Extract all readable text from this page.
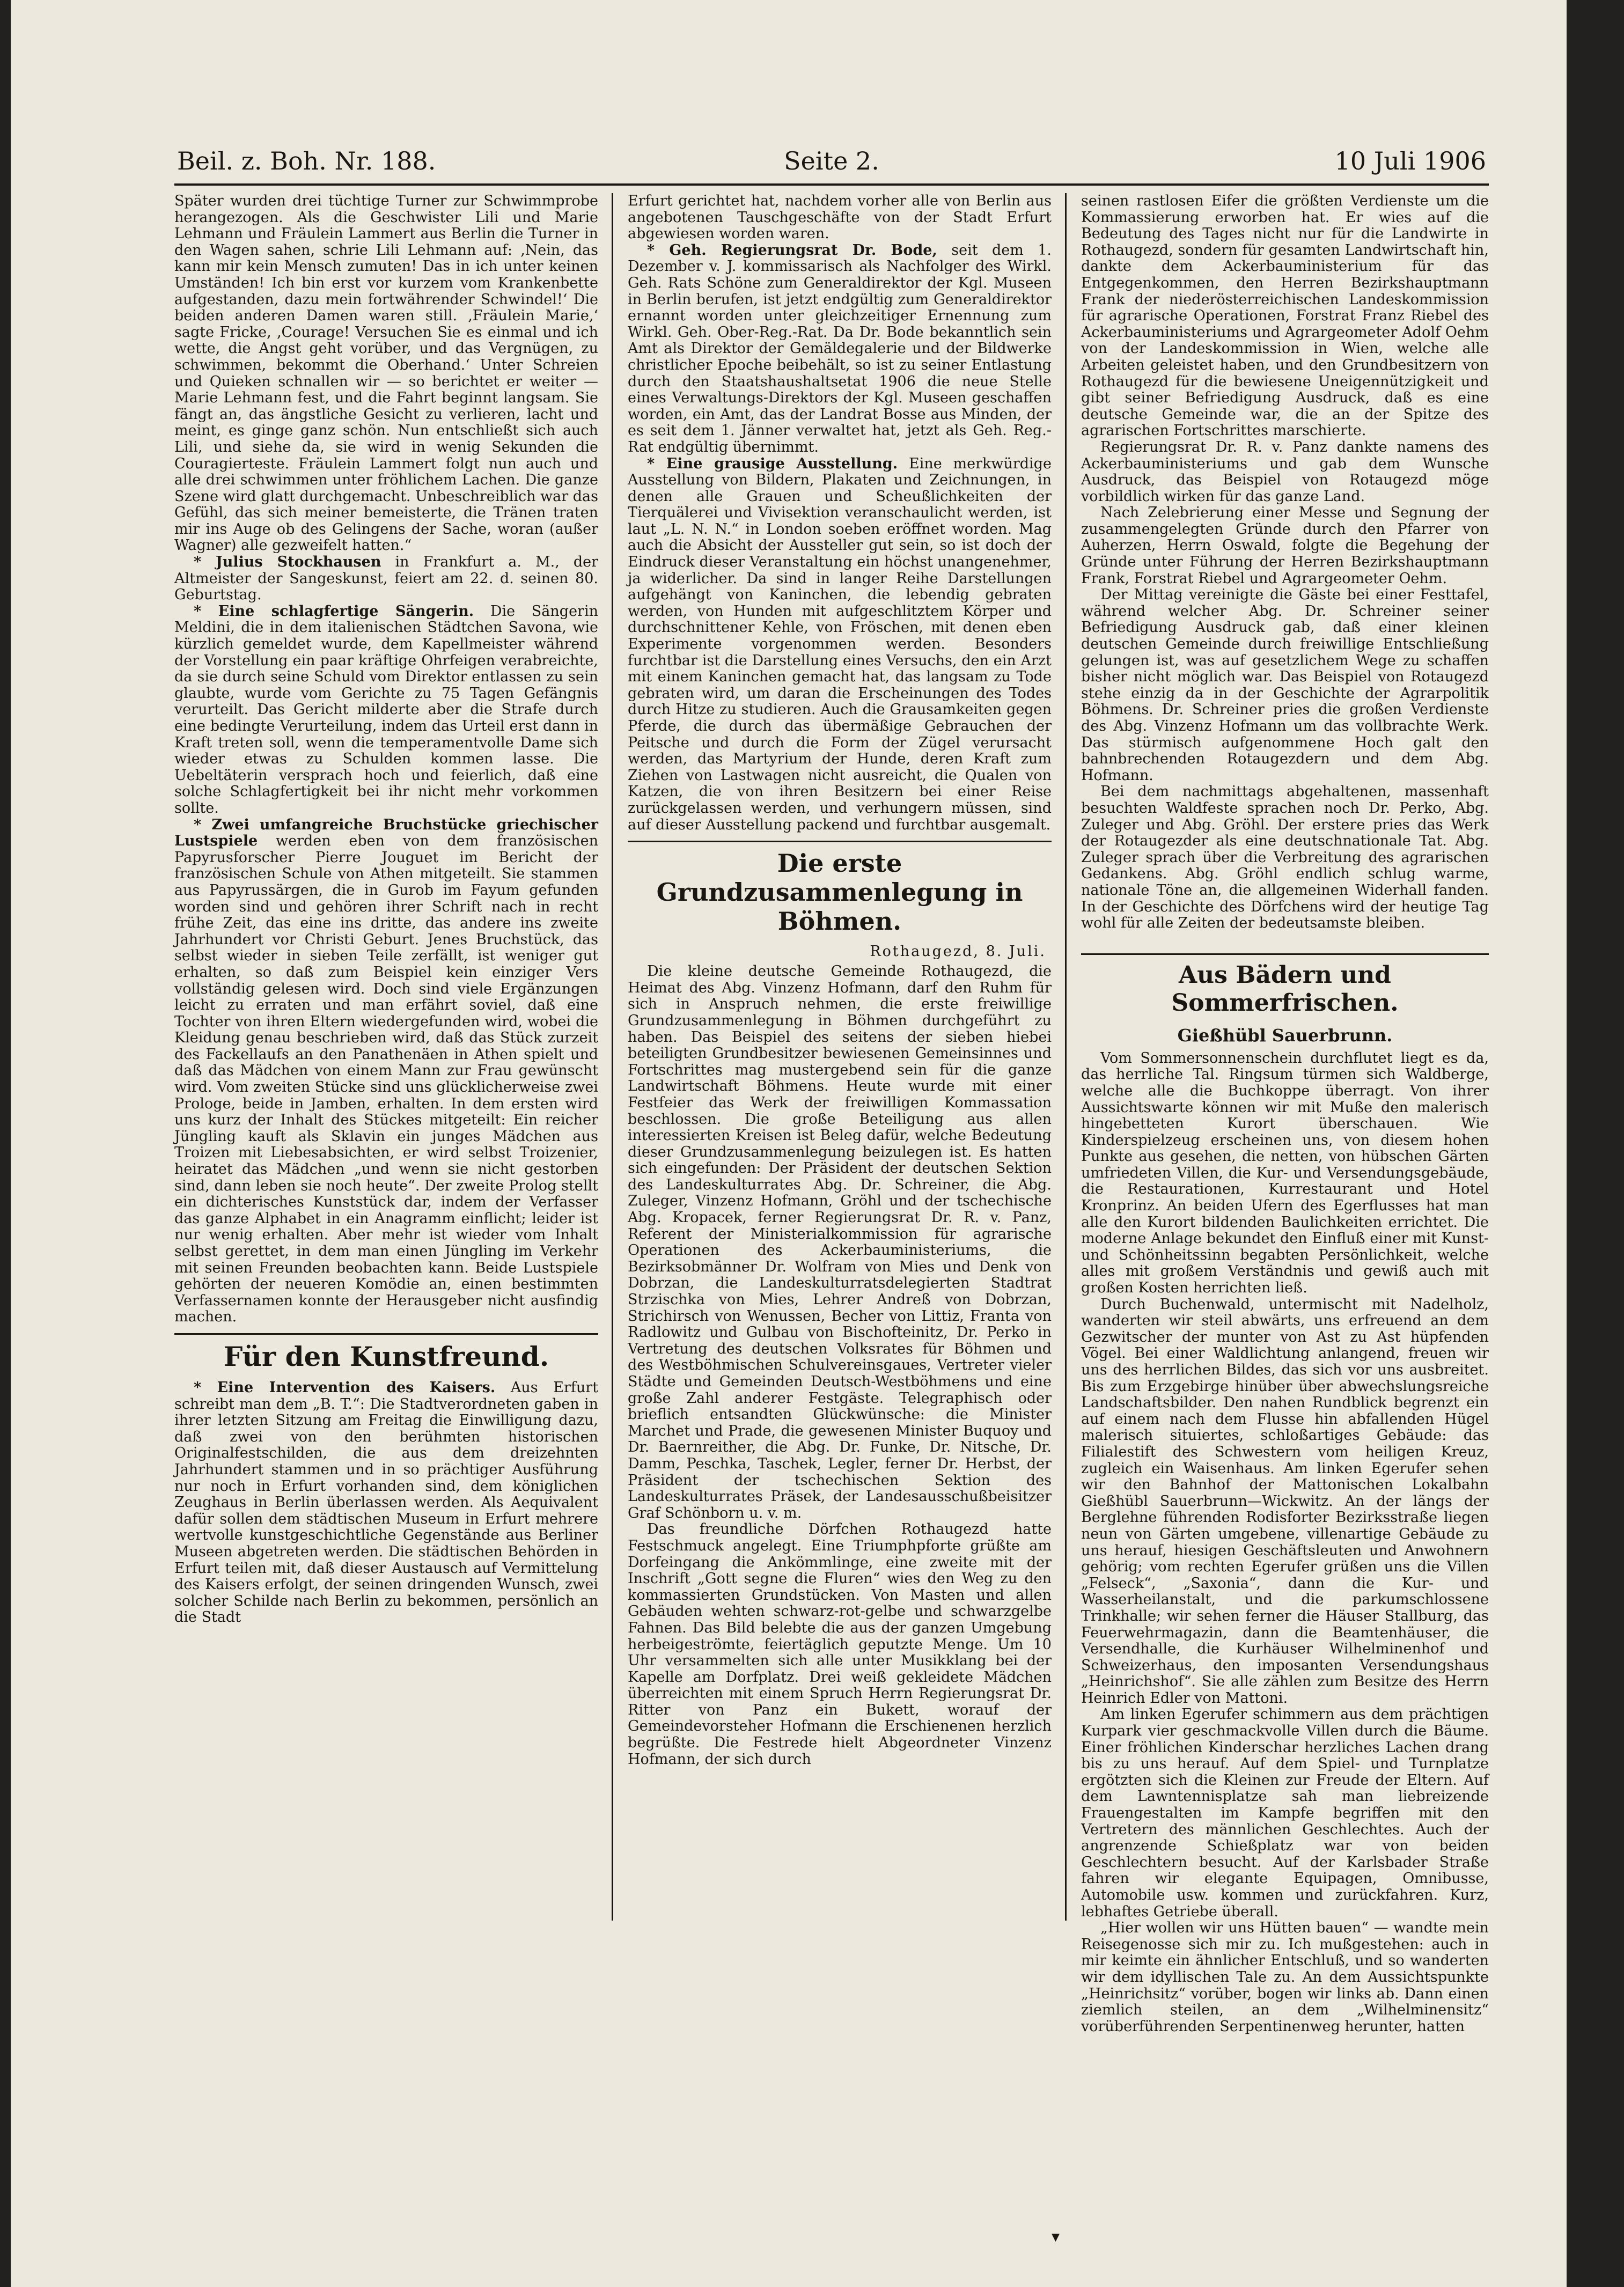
Beil. z. Boh. Nr. 188.	Seite 2.	10 Juli 1906

Später wurden drei tüchtige Turner zur Schwimmprobe herangezogen. Als die Geschwister Lili und Marie Lehmann und Fräulein Lammert aus Berlin die Turner in den Wagen sahen, schrie Lili Lehmann auf: ‚Nein, das kann mir kein Mensch zumuten! Das in ich unter keinen Umständen! Ich bin erst vor kurzem vom Krankenbette aufgestanden, dazu mein fortwährender Schwindel!‘ Die beiden anderen Damen waren still. ‚Fräulein Marie,‘ sagte Fricke, ‚Courage! Versuchen Sie es einmal und ich wette, die Angst geht vorüber, und das Vergnügen, zu schwimmen, bekommt die Oberhand.‘ Unter Schreien und Quieken schnallen wir — so berichtet er weiter — Marie Lehmann fest, und die Fahrt beginnt langsam. Sie fängt an, das ängstliche Gesicht zu verlieren, lacht und meint, es ginge ganz schön. Nun entschließt sich auch Lili, und siehe da, sie wird in wenig Sekunden die Couragierteste. Fräulein Lammert folgt nun auch und alle drei schwimmen unter fröhlichem Lachen. Die ganze Szene wird glatt durchgemacht. Unbeschreiblich war das Gefühl, das sich meiner bemeisterte, die Tränen traten mir ins Auge ob des Gelingens der Sache, woran (außer Wagner) alle gezweifelt hatten.“

* Julius Stockhausen in Frankfurt a. M., der Altmeister der Sangeskunst, feiert am 22. d. seinen 80. Geburtstag.

* Eine schlagfertige Sängerin. Die Sängerin Meldini, die in dem italienischen Städtchen Savona, wie kürzlich gemeldet wurde, dem Kapellmeister während der Vorstellung ein paar kräftige Ohrfeigen verabreichte, da sie durch seine Schuld vom Direktor entlassen zu sein glaubte, wurde vom Gerichte zu 75 Tagen Gefängnis verurteilt. Das Gericht milderte aber die Strafe durch eine bedingte Verurteilung, indem das Urteil erst dann in Kraft treten soll, wenn die temperamentvolle Dame sich wieder etwas zu Schulden kommen lasse. Die Uebeltäterin versprach hoch und feierlich, daß eine solche Schlagfertigkeit bei ihr nicht mehr vorkommen sollte.

* Zwei umfangreiche Bruchstücke griechischer Lustspiele werden eben von dem französischen Papyrusforscher Pierre Jouguet im Bericht der französischen Schule von Athen mitgeteilt. Sie stammen aus Papyrussärgen, die in Gurob im Fayum gefunden worden sind und gehören ihrer Schrift nach in recht frühe Zeit, das eine ins dritte, das andere ins zweite Jahrhundert vor Christi Geburt. Jenes Bruchstück, das selbst wieder in sieben Teile zerfällt, ist weniger gut erhalten, so daß zum Beispiel kein einziger Vers vollständig gelesen wird. Doch sind viele Ergänzungen leicht zu erraten und man erfährt soviel, daß eine Tochter von ihren Eltern wiedergefunden wird, wobei die Kleidung genau beschrieben wird, daß das Stück zurzeit des Fackellaufs an den Panathenäen in Athen spielt und daß das Mädchen von einem Mann zur Frau gewünscht wird. Vom zweiten Stücke sind uns glücklicherweise zwei Prologe, beide in Jamben, erhalten. In dem ersten wird uns kurz der Inhalt des Stückes mitgeteilt: Ein reicher Jüngling kauft als Sklavin ein junges Mädchen aus Troizen mit Liebesabsichten, er wird selbst Troizenier, heiratet das Mädchen „und wenn sie nicht gestorben sind, dann leben sie noch heute“. Der zweite Prolog stellt ein dichterisches Kunststück dar, indem der Verfasser das ganze Alphabet in ein Anagramm einflicht; leider ist nur wenig erhalten. Aber mehr ist wieder vom Inhalt selbst gerettet, in dem man einen Jüngling im Verkehr mit seinen Freunden beobachten kann. Beide Lustspiele gehörten der neueren Komödie an, einen bestimmten Verfassernamen konnte der Herausgeber nicht ausfindig machen.

Für den Kunstfreund.

* Eine Intervention des Kaisers. Aus Erfurt schreibt man dem „B. T.“: Die Stadtverordneten gaben in ihrer letzten Sitzung am Freitag die Einwilligung dazu, daß zwei von den berühmten historischen Originalfestschilden, die aus dem dreizehnten Jahrhundert stammen und in so prächtiger Ausführung nur noch in Erfurt vorhanden sind, dem königlichen Zeughaus in Berlin überlassen werden. Als Aequivalent dafür sollen dem städtischen Museum in Erfurt mehrere wertvolle kunstgeschichtliche Gegenstände aus Berliner Museen abgetreten werden. Die städtischen Behörden in Erfurt teilen mit, daß dieser Austausch auf Vermittelung des Kaisers erfolgt, der seinen dringenden Wunsch, zwei solcher Schilde nach Berlin zu bekommen, persönlich an die Stadt

Erfurt gerichtet hat, nachdem vorher alle von Berlin aus angebotenen Tauschgeschäfte von der Stadt Erfurt abgewiesen worden waren.

* Geh. Regierungsrat Dr. Bode, seit dem 1. Dezember v. J. kommissarisch als Nachfolger des Wirkl. Geh. Rats Schöne zum Generaldirektor der Kgl. Museen in Berlin berufen, ist jetzt endgültig zum Generaldirektor ernannt worden unter gleichzeitiger Ernennung zum Wirkl. Geh. Ober-Reg.-Rat. Da Dr. Bode bekanntlich sein Amt als Direktor der Gemäldegalerie und der Bildwerke christlicher Epoche beibehält, so ist zu seiner Entlastung durch den Staatshaushaltsetat 1906 die neue Stelle eines Verwaltungs-Direktors der Kgl. Museen geschaffen worden, ein Amt, das der Landrat Bosse aus Minden, der es seit dem 1. Jänner verwaltet hat, jetzt als Geh. Reg.-Rat endgültig übernimmt.

* Eine grausige Ausstellung. Eine merkwürdige Ausstellung von Bildern, Plakaten und Zeichnungen, in denen alle Grauen und Scheußlichkeiten der Tierquälerei und Vivisektion veranschaulicht werden, ist laut „L. N. N.“ in London soeben eröffnet worden. Mag auch die Absicht der Aussteller gut sein, so ist doch der Eindruck dieser Veranstaltung ein höchst unangenehmer, ja widerlicher. Da sind in langer Reihe Darstellungen aufgehängt von Kaninchen, die lebendig gebraten werden, von Hunden mit aufgeschlitztem Körper und durchschnittener Kehle, von Fröschen, mit denen eben Experimente vorgenommen werden. Besonders furchtbar ist die Darstellung eines Versuchs, den ein Arzt mit einem Kaninchen gemacht hat, das langsam zu Tode gebraten wird, um daran die Erscheinungen des Todes durch Hitze zu studieren. Auch die Grausamkeiten gegen Pferde, die durch das übermäßige Gebrauchen der Peitsche und durch die Form der Zügel verursacht werden, das Martyrium der Hunde, deren Kraft zum Ziehen von Lastwagen nicht ausreicht, die Qualen von Katzen, die von ihren Besitzern bei einer Reise zurückgelassen werden, und verhungern müssen, sind auf dieser Ausstellung packend und furchtbar ausgemalt.

Die erste Grundzusammenlegung in Böhmen.
Rothaugezd, 8. Juli.

Die kleine deutsche Gemeinde Rothaugezd, die Heimat des Abg. Vinzenz Hofmann, darf den Ruhm für sich in Anspruch nehmen, die erste freiwillige Grundzusammenlegung in Böhmen durchgeführt zu haben. Das Beispiel des seitens der sieben hiebei beteiligten Grundbesitzer bewiesenen Gemeinsinnes und Fortschrittes mag mustergebend sein für die ganze Landwirtschaft Böhmens. Heute wurde mit einer Festfeier das Werk der freiwilligen Kommassation beschlossen. Die große Beteiligung aus allen interessierten Kreisen ist Beleg dafür, welche Bedeutung dieser Grundzusammenlegung beizulegen ist. Es hatten sich eingefunden: Der Präsident der deutschen Sektion des Landeskulturrates Abg. Dr. Schreiner, die Abg. Zuleger, Vinzenz Hofmann, Gröhl und der tschechische Abg. Kropacek, ferner Regierungsrat Dr. R. v. Panz, Referent der Ministerialkommission für agrarische Operationen des Ackerbauministeriums, die Bezirksobmänner Dr. Wolfram von Mies und Denk von Dobrzan, die Landeskulturratsdelegierten Stadtrat Strzischka von Mies, Lehrer Andreß von Dobrzan, Strichirsch von Wenussen, Becher von Littiz, Franta von Radlowitz und Gulbau von Bischofteinitz, Dr. Perko in Vertretung des deutschen Volksrates für Böhmen und des Westböhmischen Schulvereinsgaues, Vertreter vieler Städte und Gemeinden Deutsch-Westböhmens und eine große Zahl anderer Festgäste. Telegraphisch oder brieflich entsandten Glückwünsche: die Minister Marchet und Prade, die gewesenen Minister Buquoy und Dr. Baernreither, die Abg. Dr. Funke, Dr. Nitsche, Dr. Damm, Peschka, Taschek, Legler, ferner Dr. Herbst, der Präsident der tschechischen Sektion des Landeskulturrates Präsek, der Landesausschußbeisitzer Graf Schönborn u. v. m.

Das freundliche Dörfchen Rothaugezd hatte Festschmuck angelegt. Eine Triumphpforte grüßte am Dorfeingang die Ankömmlinge, eine zweite mit der Inschrift „Gott segne die Fluren“ wies den Weg zu den kommassierten Grundstücken. Von Masten und allen Gebäuden wehten schwarz-rot-gelbe und schwarzgelbe Fahnen. Das Bild belebte die aus der ganzen Umgebung herbeigeströmte, feiertäglich geputzte Menge. Um 10 Uhr versammelten sich alle unter Musikklang bei der Kapelle am Dorfplatz. Drei weiß gekleidete Mädchen überreichten mit einem Spruch Herrn Regierungsrat Dr. Ritter von Panz ein Bukett, worauf der Gemeindevorsteher Hofmann die Erschienenen herzlich begrüßte. Die Festrede hielt Abgeordneter Vinzenz Hofmann, der sich durch

seinen rastlosen Eifer die größten Verdienste um die Kommassierung erworben hat. Er wies auf die Bedeutung des Tages nicht nur für die Landwirte in Rothaugezd, sondern für gesamten Landwirtschaft hin, dankte dem Ackerbauministerium für das Entgegenkommen, den Herren Bezirkshauptmann Frank der niederösterreichischen Landeskommission für agrarische Operationen, Forstrat Franz Riebel des Ackerbauministeriums und Agrargeometer Adolf Oehm von der Landeskommission in Wien, welche alle Arbeiten geleistet haben, und den Grundbesitzern von Rothaugezd für die bewiesene Uneigennützigkeit und gibt seiner Befriedigung Ausdruck, daß es eine deutsche Gemeinde war, die an der Spitze des agrarischen Fortschrittes marschierte.

Regierungsrat Dr. R. v. Panz dankte namens des Ackerbauministeriums und gab dem Wunsche Ausdruck, das Beispiel von Rotaugezd möge vorbildlich wirken für das ganze Land.

Nach Zelebrierung einer Messe und Segnung der zusammengelegten Gründe durch den Pfarrer von Auherzen, Herrn Oswald, folgte die Begehung der Gründe unter Führung der Herren Bezirkshauptmann Frank, Forstrat Riebel und Agrargeometer Oehm.

Der Mittag vereinigte die Gäste bei einer Festtafel, während welcher Abg. Dr. Schreiner seiner Befriedigung Ausdruck gab, daß einer kleinen deutschen Gemeinde durch freiwillige Entschließung gelungen ist, was auf gesetzlichem Wege zu schaffen bisher nicht möglich war. Das Beispiel von Rotaugezd stehe einzig da in der Geschichte der Agrarpolitik Böhmens. Dr. Schreiner pries die großen Verdienste des Abg. Vinzenz Hofmann um das vollbrachte Werk. Das stürmisch aufgenommene Hoch galt den bahnbrechenden Rotaugezdern und dem Abg. Hofmann.

Bei dem nachmittags abgehaltenen, massenhaft besuchten Waldfeste sprachen noch Dr. Perko, Abg. Zuleger und Abg. Gröhl. Der erstere pries das Werk der Rotaugezder als eine deutschnationale Tat. Abg. Zuleger sprach über die Verbreitung des agrarischen Gedankens. Abg. Gröhl endlich schlug warme, nationale Töne an, die allgemeinen Widerhall fanden. In der Geschichte des Dörfchens wird der heutige Tag wohl für alle Zeiten der bedeutsamste bleiben.

Aus Bädern und Sommerfrischen.
Gießhübl Sauerbrunn.

Vom Sommersonnenschein durchflutet liegt es da, das herrliche Tal. Ringsum türmen sich Waldberge, welche alle die Buchkoppe überragt. Von ihrer Aussichtswarte können wir mit Muße den malerisch hingebetteten Kurort überschauen. Wie Kinderspielzeug erscheinen uns, von diesem hohen Punkte aus gesehen, die netten, von hübschen Gärten umfriedeten Villen, die Kur- und Versendungsgebäude, die Restaurationen, Kurrestaurant und Hotel Kronprinz. An beiden Ufern des Egerflusses hat man alle den Kurort bildenden Baulichkeiten errichtet. Die moderne Anlage bekundet den Einfluß einer mit Kunst- und Schönheitssinn begabten Persönlichkeit, welche alles mit großem Verständnis und gewiß auch mit großen Kosten herrichten ließ.

Durch Buchenwald, untermischt mit Nadelholz, wanderten wir steil abwärts, uns erfreuend an dem Gezwitscher der munter von Ast zu Ast hüpfenden Vögel. Bei einer Waldlichtung anlangend, freuen wir uns des herrlichen Bildes, das sich vor uns ausbreitet. Bis zum Erzgebirge hinüber über abwechslungsreiche Landschaftsbilder. Den nahen Rundblick begrenzt ein auf einem nach dem Flusse hin abfallenden Hügel malerisch situiertes, schloßartiges Gebäude: das Filialestift des Schwestern vom heiligen Kreuz, zugleich ein Waisenhaus. Am linken Egerufer sehen wir den Bahnhof der Mattonischen Lokalbahn Gießhübl Sauerbrunn—Wickwitz. An der längs der Berglehne führenden Rodisforter Bezirksstraße liegen neun von Gärten umgebene, villenartige Gebäude zu uns herauf, hiesigen Geschäftsleuten und Anwohnern gehörig; vom rechten Egerufer grüßen uns die Villen „Felseck“, „Saxonia“, dann die Kur- und Wasserheilanstalt, und die parkumschlossene Trinkhalle; wir sehen ferner die Häuser Stallburg, das Feuerwehrmagazin, dann die Beamtenhäuser, die Versendhalle, die Kurhäuser Wilhelminenhof und Schweizerhaus, den imposanten Versendungshaus „Heinrichshof“. Sie alle zählen zum Besitze des Herrn Heinrich Edler von Mattoni.

Am linken Egerufer schimmern aus dem prächtigen Kurpark vier geschmackvolle Villen durch die Bäume. Einer fröhlichen Kinderschar herzliches Lachen drang bis zu uns herauf. Auf dem Spiel- und Turnplatze ergötzten sich die Kleinen zur Freude der Eltern. Auf dem Lawntennisplatze sah man liebreizende Frauengestalten im Kampfe begriffen mit den Vertretern des männlichen Geschlechtes. Auch der angrenzende Schießplatz war von beiden Geschlechtern besucht. Auf der Karlsbader Straße fahren wir elegante Equipagen, Omnibusse, Automobile usw. kommen und zurückfahren. Kurz, lebhaftes Getriebe überall.

„Hier wollen wir uns Hütten bauen“ — wandte mein Reisegenosse sich mir zu. Ich mußgestehen: auch in mir keimte ein ähnlicher Entschluß, und so wanderten wir dem idyllischen Tale zu. An dem Aussichtspunkte „Heinrichsitz“ vorüber, bogen wir links ab. Dann einen ziemlich steilen, an dem „Wilhelminensitz“ vorüberführenden Serpentinenweg herunter, hatten

▾
